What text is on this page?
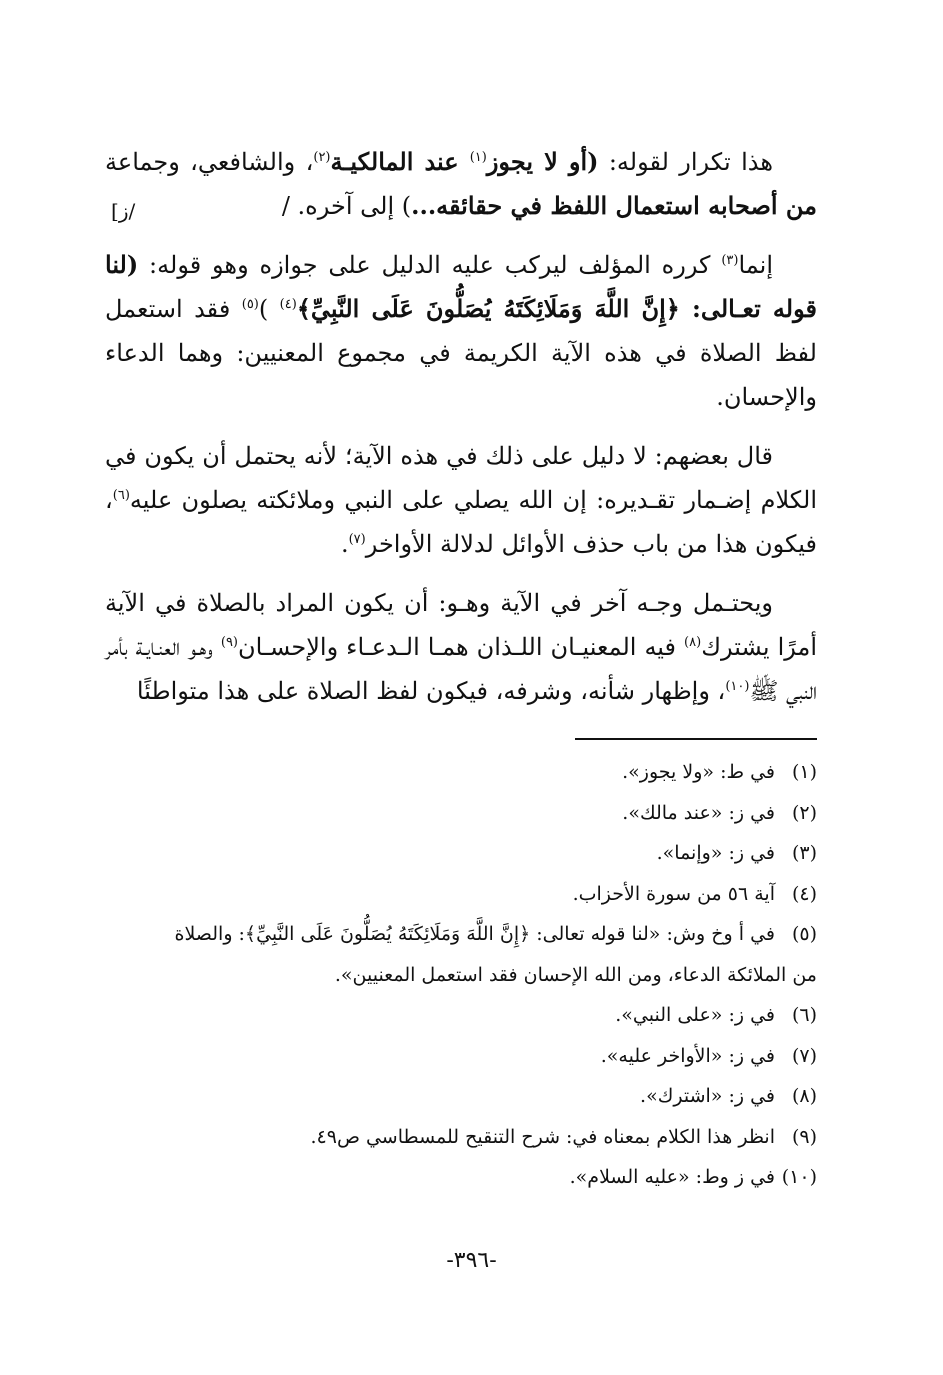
[ز/

هذا تكرار لقوله: (أو لا يجوز$^{(١)}$ عند المالكيـة$^{(٢)}$، والشافعي، وجماعة من أصحابه استعمال اللفظ في حقائقه...) إلى آخره. /

إنما$^{(٣)}$ كرره المؤلف ليركب عليه الدليل على جوازه وهو قوله: (لنا قوله تعـالى: ﴿إِنَّ اللَّهَ وَمَلَائِكَتَهُ يُصَلُّونَ عَلَى النَّبِيِّ﴾$^{(٤)}$ )$^{(٥)}$ فقد استعمل لفظ الصلاة في هذه الآية الكريمة في مجموع المعنيين: وهما الدعاء والإحسان.

قال بعضهم: لا دليل على ذلك في هذه الآية؛ لأنه يحتمل أن يكون في الكلام إضـمار تقـديره: إن الله يصلي على النبي وملائكته يصلون عليه$^{(٦)}$، فيكون هذا من باب حذف الأوائل لدلالة الأواخر$^{(٧)}$.

ويحتـمل وجـه آخر في الآية وهـو: أن يكون المراد بالصلاة في الآية أمرًا يشترك$^{(٨)}$ فيه المعنيـان اللـذان همـا الـدعـاء والإحسـان$^{(٩)}$ وهـو العنـايـة بأمر النبي ﷺ$^{(١٠)}$، وإظهار شأنه، وشرفه، فيكون لفظ الصلاة على هذا متواطئًا

(١)في ط: «ولا يجوز».

(٢)في ز: «عند مالك».

(٣)في ز: «وإنما».

(٤)آية ٥٦ من سورة الأحزاب.

(٥)في أ وخ وش: «لنا قوله تعالى: ﴿إِنَّ اللَّهَ وَمَلَائِكَتَهُ يُصَلُّونَ عَلَى النَّبِيِّ﴾: والصلاة
من الملائكة الدعاء، ومن الله الإحسان فقد استعمل المعنيين».

(٦)في ز: «على النبي».

(٧)في ز: «الأواخر عليه».

(٨)في ز: «اشترك».

(٩)انظر هذا الكلام بمعناه في: شرح التنقيح للمسطاسي ص٤٩.

(١٠)في ز وط: «عليه السلام».

-٣٩٦-
